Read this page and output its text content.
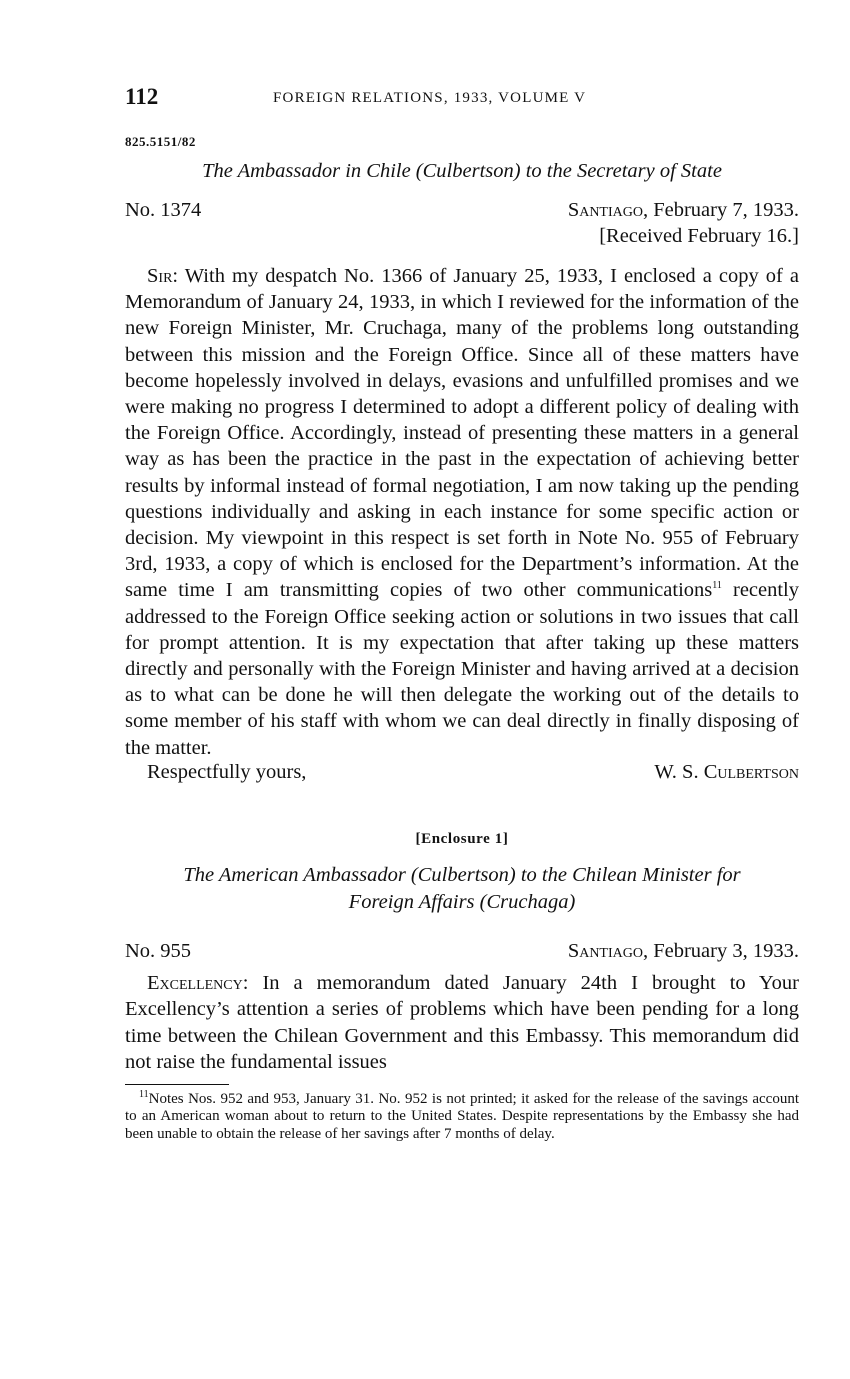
112	FOREIGN RELATIONS, 1933, VOLUME V
825.5151/82
The Ambassador in Chile (Culbertson) to the Secretary of State
No. 1374	Santiago, February 7, 1933.
[Received February 16.]
Sir: With my despatch No. 1366 of January 25, 1933, I enclosed a copy of a Memorandum of January 24, 1933, in which I reviewed for the information of the new Foreign Minister, Mr. Cruchaga, many of the problems long outstanding between this mission and the Foreign Office. Since all of these matters have become hopelessly involved in delays, evasions and unfulfilled promises and we were making no progress I determined to adopt a different policy of dealing with the Foreign Office. Accordingly, instead of presenting these matters in a general way as has been the practice in the past in the expectation of achieving better results by informal instead of formal negotiation, I am now taking up the pending questions individually and asking in each instance for some specific action or decision. My viewpoint in this respect is set forth in Note No. 955 of February 3rd, 1933, a copy of which is enclosed for the Department’s information. At the same time I am transmitting copies of two other communications$^{11}$ recently addressed to the Foreign Office seeking action or solutions in two issues that call for prompt attention. It is my expectation that after taking up these matters directly and personally with the Foreign Minister and having arrived at a decision as to what can be done he will then delegate the working out of the details to some member of his staff with whom we can deal directly in finally disposing of the matter.
Respectfully yours,	W. S. Culbertson
[Enclosure 1]
The American Ambassador (Culbertson) to the Chilean Minister for
Foreign Affairs (Cruchaga)
No. 955	Santiago, February 3, 1933.
Excellency: In a memorandum dated January 24th I brought to Your Excellency’s attention a series of problems which have been pending for a long time between the Chilean Government and this Embassy. This memorandum did not raise the fundamental issues
$^{11}$Notes Nos. 952 and 953, January 31. No. 952 is not printed; it asked for the release of the savings account to an American woman about to return to the United States. Despite representations by the Embassy she had been unable to obtain the release of her savings after 7 months of delay.
